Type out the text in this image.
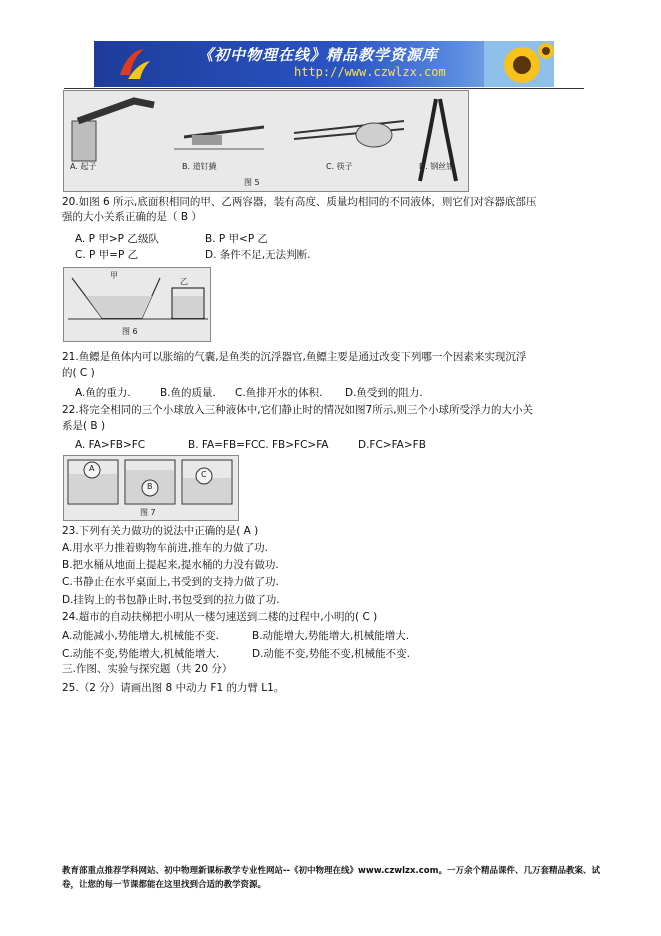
《初中物理在线》精品教学资源库
http://www.czwlzx.com
A. 起子	B. 道钉撬	C. 筷子	D. 钢丝钳
图 5
20.如图 6 所示,底面积相同的甲、乙两容器，装有高度、质量均相同的不同液体，则它们对容器底部压
强的大小关系正确的是（ B ）
A. P 甲>P 乙 级队	B. P 甲<P 乙
C. P 甲=P 乙	D. 条件不足,无法判断.
甲
乙
图 6
21.鱼鳔是鱼体内可以胀缩的气囊,是鱼类的沉浮器官,鱼鳔主要是通过改变下列哪一个因素来实现沉浮
的( C )
A.鱼的重力.	B.鱼的质量. C.鱼排开水的体积. D.鱼受到的阻力.
22.将完全相同的三个小球放入三种液体中,它们静止时的情况如图7所示,则三个小球所受浮力的大小关
系是( B )
A. FA>FB>FC	B. FA=FB=FC C. FB>FC>FA	D.FC>FA>FB
A
B
C
图 7
23.下列有关力做功的说法中正确的是( A )
A.用水平力推着购物车前进,推车的力做了功.
B.把水桶从地面上提起来,提水桶的力没有做功.
C.书静止在水平桌面上,书受到的支持力做了功.
D.挂钩上的书包静止时,书包受到的拉力做了功.
24.超市的自动扶梯把小明从一楼匀速送到二楼的过程中,小明的( C )
A.动能减小,势能增大,机械能不变.	B.动能增大,势能增大,机械能增大.
C.动能不变,势能增大,机械能增大.	D.动能不变,势能不变,机械能不变.
三.作图、实验与探究题（共 20 分）
25.（2 分）请画出图 8 中动力 F1 的力臂 L1。
教育部重点推荐学科网站、初中物理新课标教学专业性网站--《初中物理在线》www.czwlzx.com。一万余个精品课件、几万套精品教案、试卷，让您的每一节课都能在这里找到合适的教学资源。
